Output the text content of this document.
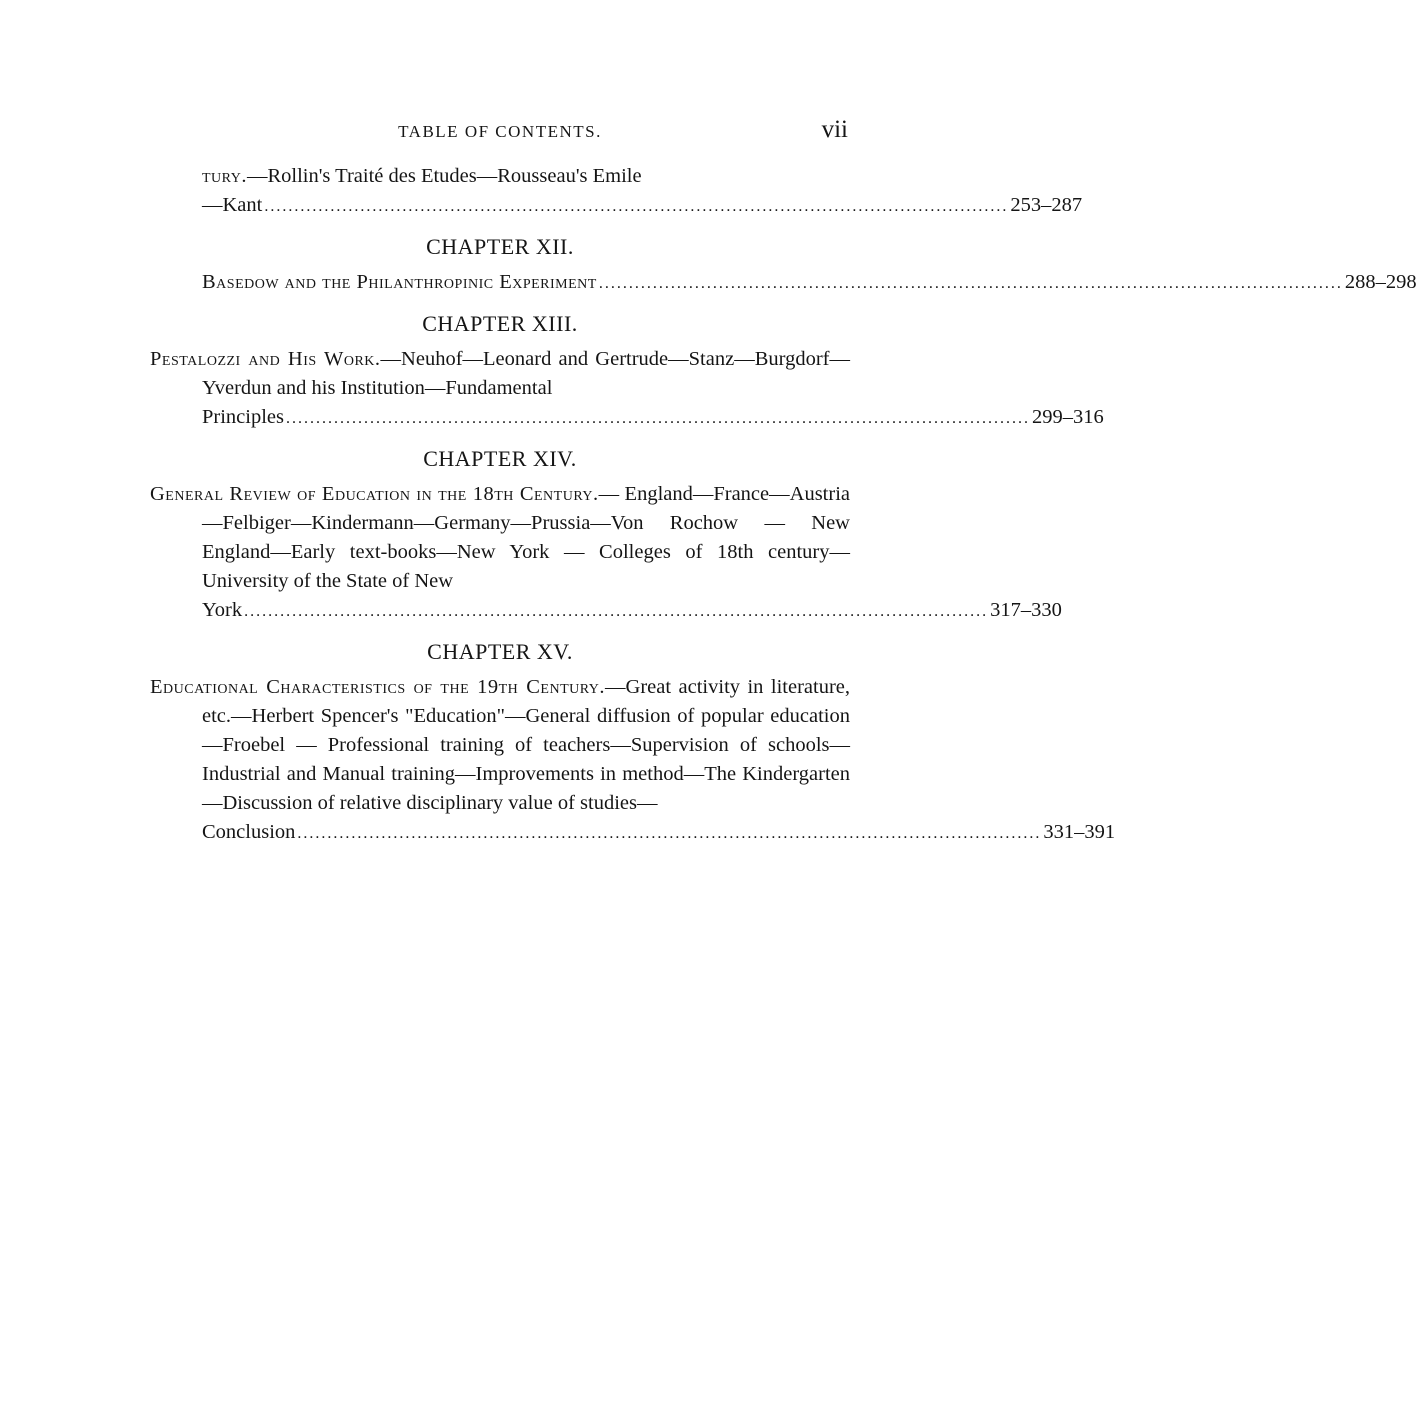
TABLE OF CONTENTS.	vii
tury.—Rollin's Traité des Etudes—Rousseau's Emile
—Kant ............................................................................................................................ 253–287
CHAPTER XII.
Basedow and the Philanthropinic Experiment ............................................................................................................................ 288–298
CHAPTER XIII.
Pestalozzi and His Work.—Neuhof—Leonard and Gertrude—Stanz—Burgdorf—Yverdun and his Institution—Fundamental
Principles ............................................................................................................................ 299–316
CHAPTER XIV.
General Review of Education in the 18th Century.— England—France—Austria—Felbiger—Kindermann—Germany—Prussia—Von Rochow — New England—Early text-books—New York — Colleges of 18th century—University of the State of New
York ............................................................................................................................ 317–330
CHAPTER XV.
Educational Characteristics of the 19th Century.—Great activity in literature, etc.—Herbert Spencer's "Education"—General diffusion of popular education—Froebel — Professional training of teachers—Supervision of schools—Industrial and Manual training—Improvements in method—The Kindergarten—Discussion of relative disciplinary value of studies—
Conclusion ............................................................................................................................ 331–391
